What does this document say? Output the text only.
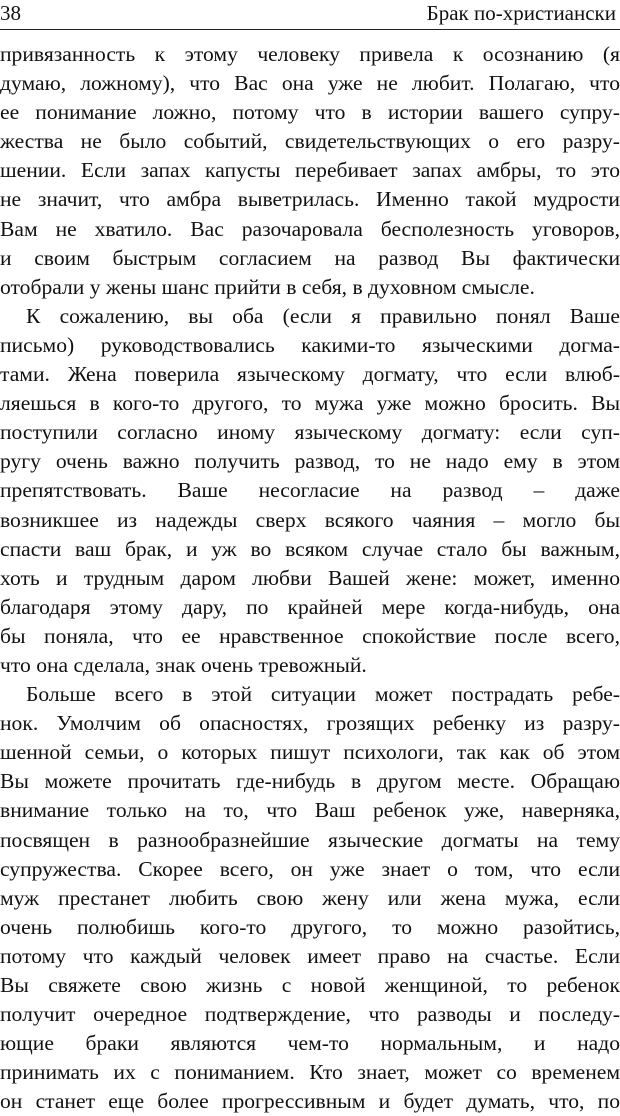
38	Брак по-христиански
привязанность к этому человеку привела к осознанию (я
думаю, ложному), что Вас она уже не любит. Полагаю, что
ее понимание ложно, потому что в истории вашего супру-
жества не было событий, свидетельствующих о его разру-
шении. Если запах капусты перебивает запах амбры, то это
не значит, что амбра выветрилась. Именно такой мудрости
Вам не хватило. Вас разочаровала бесполезность уговоров,
и своим быстрым согласием на развод Вы фактически
отобрали у жены шанс прийти в себя, в духовном смысле.
К сожалению, вы оба (если я правильно понял Ваше
письмо) руководствовались какими-то языческими догма-
тами. Жена поверила языческому догмату, что если влюб-
ляешься в кого-то другого, то мужа уже можно бросить. Вы
поступили согласно иному языческому догмату: если суп-
ругу очень важно получить развод, то не надо ему в этом
препятствовать. Ваше несогласие на развод – даже
возникшее из надежды сверх всякого чаяния – могло бы
спасти ваш брак, и уж во всяком случае стало бы важным,
хоть и трудным даром любви Вашей жене: может, именно
благодаря этому дару, по крайней мере когда-нибудь, она
бы поняла, что ее нравственное спокойствие после всего,
что она сделала, знак очень тревожный.
Больше всего в этой ситуации может пострадать ребе-
нок. Умолчим об опасностях, грозящих ребенку из разру-
шенной семьи, о которых пишут психологи, так как об этом
Вы можете прочитать где-нибудь в другом месте. Обращаю
внимание только на то, что Ваш ребенок уже, наверняка,
посвящен в разнообразнейшие языческие догматы на тему
супружества. Скорее всего, он уже знает о том, что если
муж престанет любить свою жену или жена мужа, если
очень полюбишь кого-то другого, то можно разойтись,
потому что каждый человек имеет право на счастье. Если
Вы свяжете свою жизнь с новой женщиной, то ребенок
получит очередное подтверждение, что разводы и последу-
ющие браки являются чем-то нормальным, и надо
принимать их с пониманием. Кто знает, может со временем
он станет еще более прогрессивным и будет думать, что, по
